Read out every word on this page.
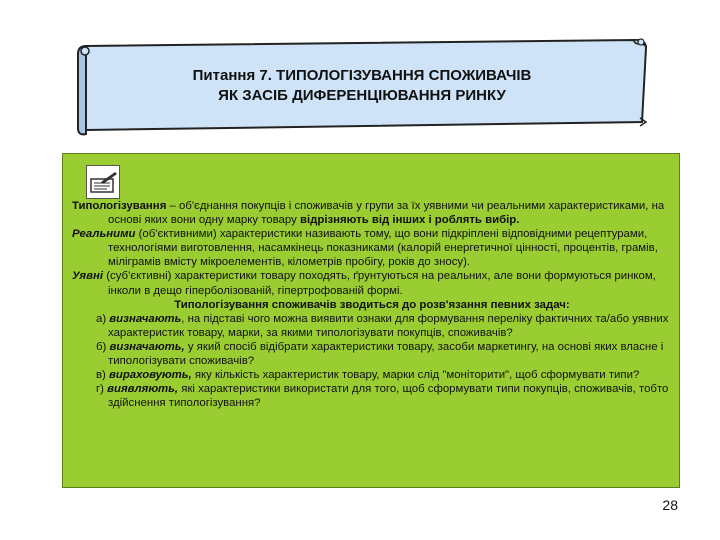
Питання 7. ТИПОЛОГІЗУВАННЯ СПОЖИВАЧІВ
ЯК ЗАСІБ ДИФЕРЕНЦІЮВАННЯ РИНКУ

Типологізування – об'єднання покупців і споживачів у групи за їх уявними чи реальними характеристиками, на основі яких вони одну марку товару відрізняють від інших і роблять вибір.

Реальними (об'єктивними) характеристики називають тому, що вони підкріплені відповідними рецептурами, технологіями виготовлення, насамкінець показниками (калорій енергетичної цінності, процентів, грамів, міліграмів вмісту мікроелементів, кілометрів пробігу, років до зносу).

Уявні (суб'єктивні) характеристики товару походять, ґрунтуються на реальних, але вони формуються ринком, інколи в дещо гіперболізованій, гіпертрофованій формі.

Типологізування споживачів зводиться до розв'язання певних задач:

а) визначають, на підставі чого можна виявити ознаки для формування переліку фактичних та/або уявних характеристик товару, марки, за якими типологізувати покупців, споживачів?

б) визначають, у який спосіб відібрати характеристики товару, засоби маркетингу, на основі яких власне і типологізувати споживачів?

в) вираховують, яку кількість характеристик товару, марки слід "моніторити", щоб сформувати типи?

г) виявляють, які характеристики використати для того, щоб сформувати типи покупців, споживачів, тобто здійснення типологізування?

28
